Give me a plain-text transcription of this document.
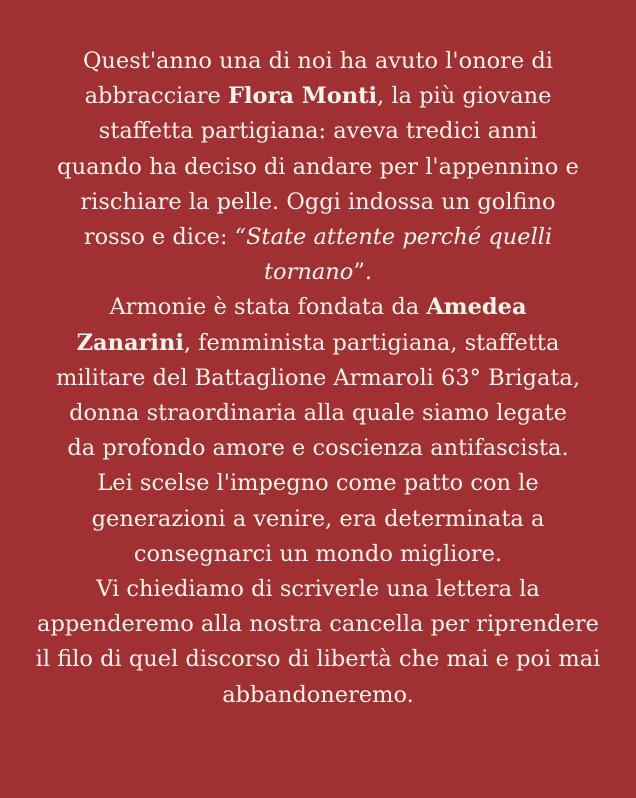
Quest'anno una di noi ha avuto l'onore di
abbracciare Flora Monti, la più giovane
staffetta partigiana: aveva tredici anni
quando ha deciso di andare per l'appennino e
rischiare la pelle. Oggi indossa un golfino
rosso e dice: “State attente perché quelli
tornano”.

Armonie è stata fondata da Amedea
Zanarini, femminista partigiana, staffetta
militare del Battaglione Armaroli 63° Brigata,
donna straordinaria alla quale siamo legate
da profondo amore e coscienza antifascista.
Lei scelse l'impegno come patto con le
generazioni a venire, era determinata a
consegnarci un mondo migliore.

Vi chiediamo di scriverle una lettera la
appenderemo alla nostra cancella per riprendere
il filo di quel discorso di libertà che mai e poi mai
abbandoneremo.
